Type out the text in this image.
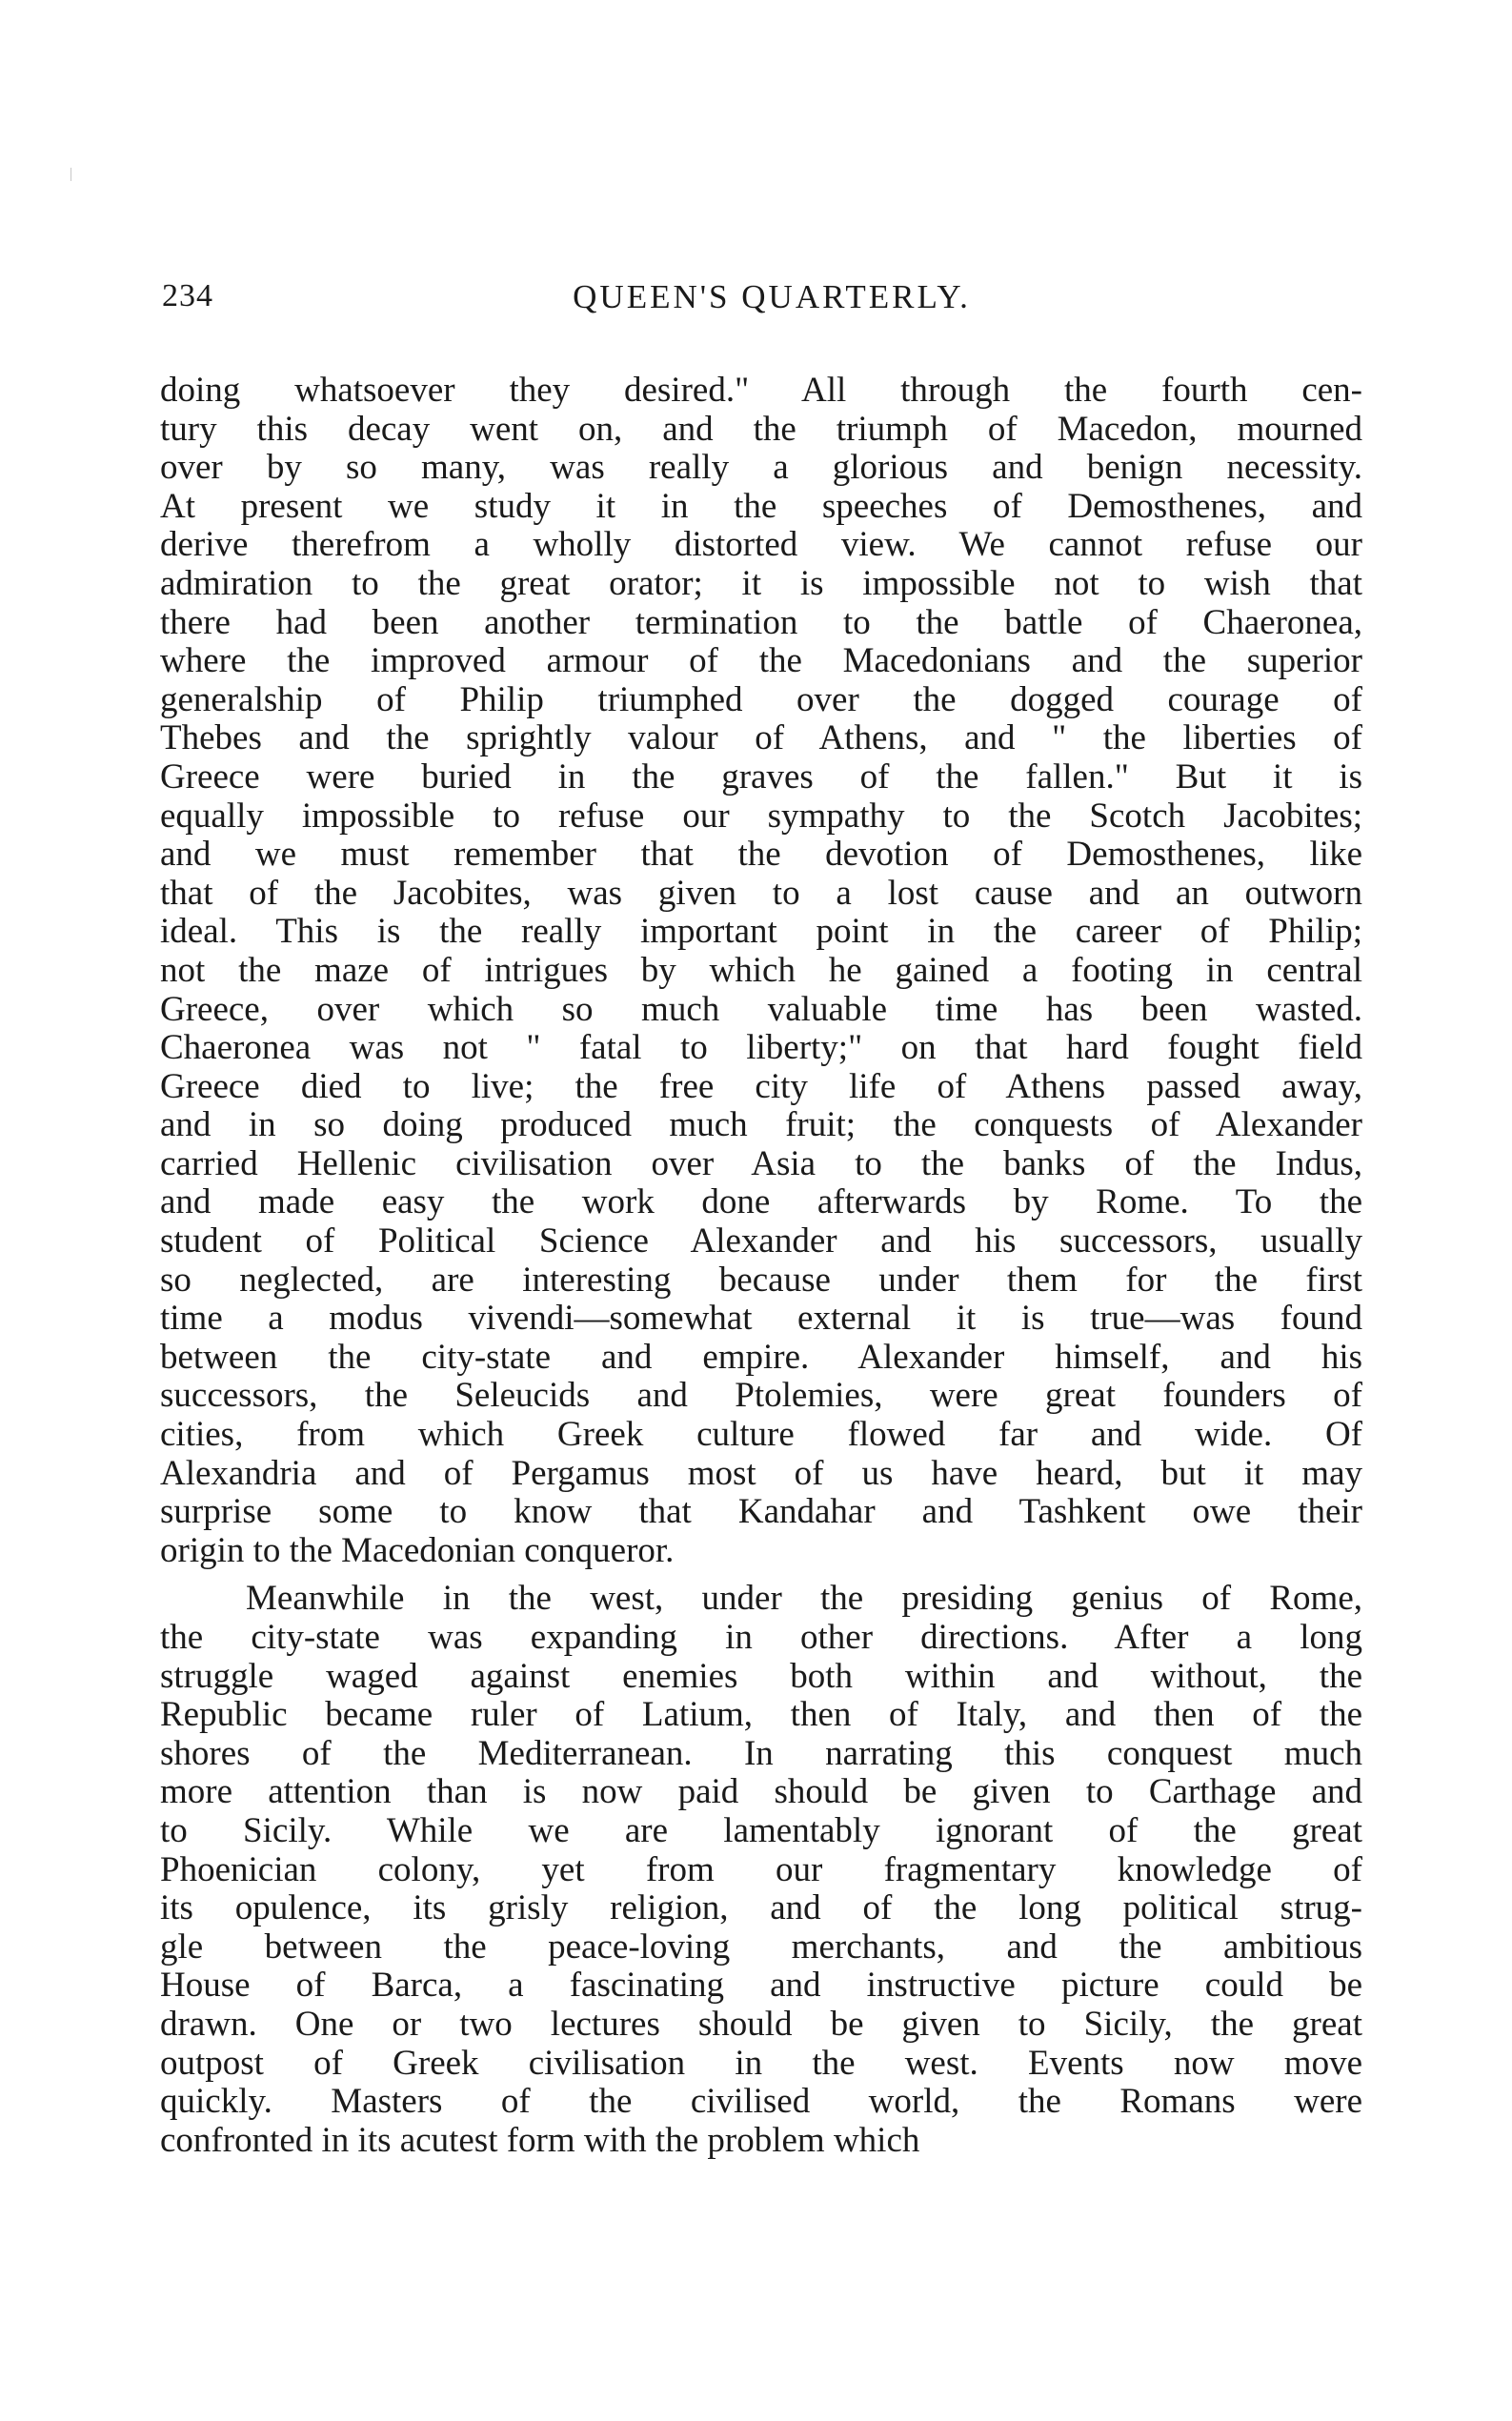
234	QUEEN'S QUARTERLY.
doing whatsoever they desired." All through the fourth cen-
tury this decay went on, and the triumph of Macedon, mourned
over by so many, was really a glorious and benign necessity.
At present we study it in the speeches of Demosthenes, and
derive therefrom a wholly distorted view. We cannot refuse our
admiration to the great orator; it is impossible not to wish that
there had been another termination to the battle of Chaeronea,
where the improved armour of the Macedonians and the superior
generalship of Philip triumphed over the dogged courage of
Thebes and the sprightly valour of Athens, and " the liberties of
Greece were buried in the graves of the fallen." But it is
equally impossible to refuse our sympathy to the Scotch Jacobites;
and we must remember that the devotion of Demosthenes, like
that of the Jacobites, was given to a lost cause and an outworn
ideal. This is the really important point in the career of Philip;
not the maze of intrigues by which he gained a footing in central
Greece, over which so much valuable time has been wasted.
Chaeronea was not " fatal to liberty;" on that hard fought field
Greece died to live; the free city life of Athens passed away,
and in so doing produced much fruit; the conquests of Alexander
carried Hellenic civilisation over Asia to the banks of the Indus,
and made easy the work done afterwards by Rome. To the
student of Political Science Alexander and his successors, usually
so neglected, are interesting because under them for the first
time a modus vivendi—somewhat external it is true—was found
between the city-state and empire. Alexander himself, and his
successors, the Seleucids and Ptolemies, were great founders of
cities, from which Greek culture flowed far and wide. Of
Alexandria and of Pergamus most of us have heard, but it may
surprise some to know that Kandahar and Tashkent owe their
origin to the Macedonian conqueror.
Meanwhile in the west, under the presiding genius of Rome,
the city-state was expanding in other directions. After a long
struggle waged against enemies both within and without, the
Republic became ruler of Latium, then of Italy, and then of the
shores of the Mediterranean. In narrating this conquest much
more attention than is now paid should be given to Carthage and
to Sicily. While we are lamentably ignorant of the great
Phoenician colony, yet from our fragmentary knowledge of
its opulence, its grisly religion, and of the long political strug-
gle between the peace-loving merchants, and the ambitious
House of Barca, a fascinating and instructive picture could be
drawn. One or two lectures should be given to Sicily, the great
outpost of Greek civilisation in the west. Events now move
quickly. Masters of the civilised world, the Romans were
confronted in its acutest form with the problem which
